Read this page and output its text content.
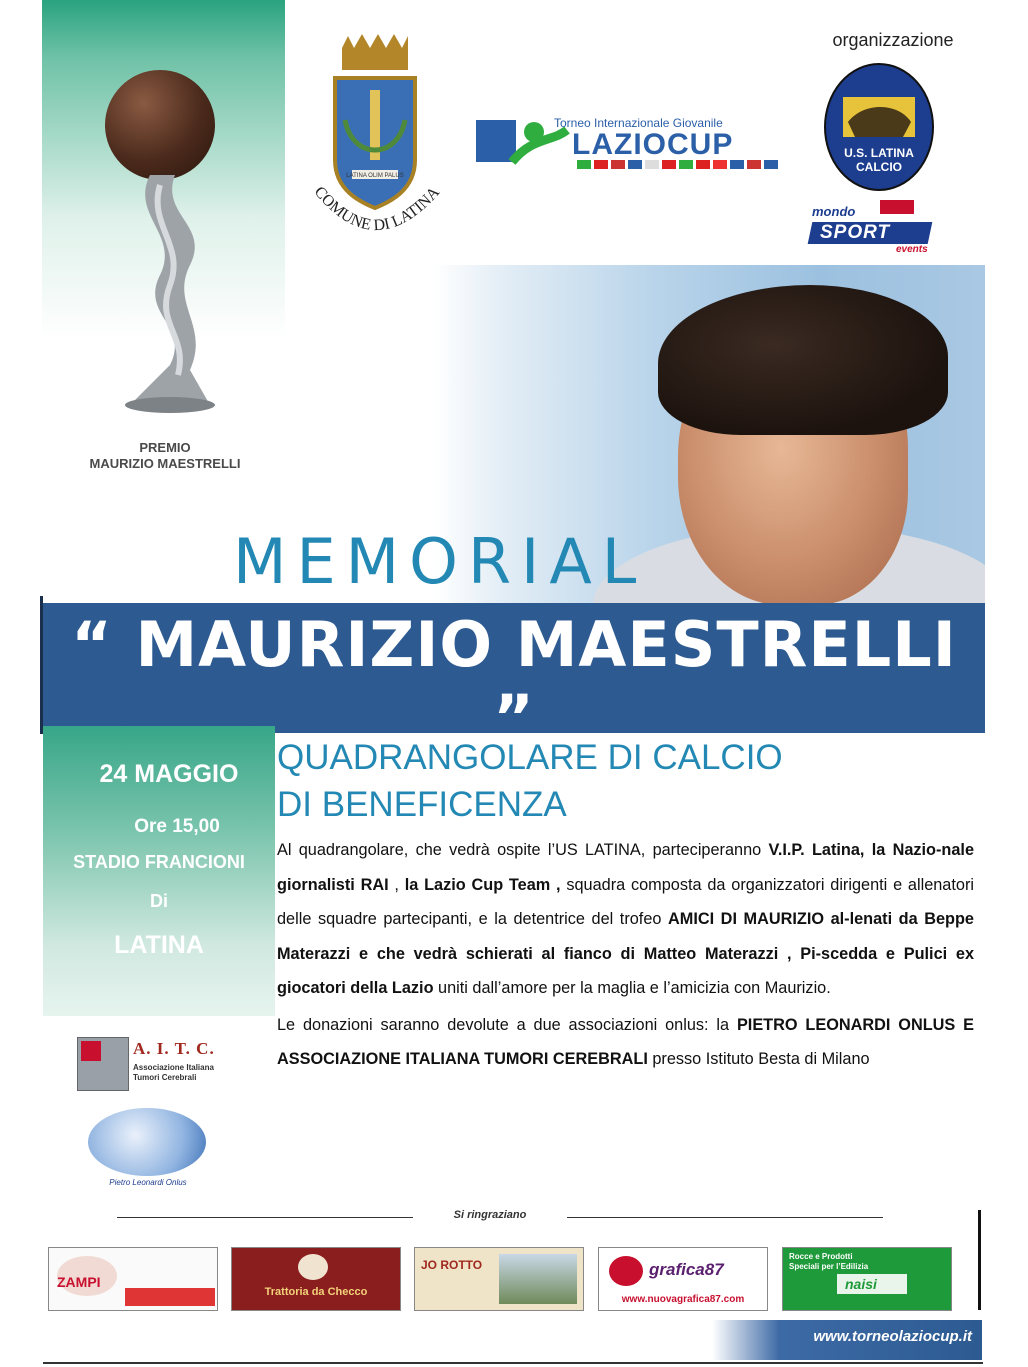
PREMIO
MAURIZIO MAESTRELLI
LATINA OLIM PALUS
COMUNE DI LATINA
Torneo Internazionale Giovanile
LAZIOCUP
organizzazione
U.S. LATINA
CALCIO
mondo
SPORT
events
MEMORIAL
“ MAURIZIO MAESTRELLI ”
24 MAGGIO
Ore 15,00
STADIO FRANCIONI
Di
LATINA
QUADRANGOLARE DI CALCIO
DI BENEFICENZA
Al quadrangolare, che vedrà ospite l’US LATINA, parteciperanno V.I.P. Latina, la Nazio-nale giornalisti RAI , la Lazio Cup Team , squadra composta da organizzatori dirigenti e allenatori delle squadre partecipanti, e la detentrice del trofeo AMICI DI MAURIZIO al-lenati da Beppe Materazzi e che vedrà schierati al fianco di Matteo Materazzi , Pi-scedda e Pulici ex giocatori della Lazio uniti dall’amore per la maglia e l’amicizia con Maurizio.
Le donazioni saranno devolute a due associazioni onlus: la PIETRO LEONARDI ONLUS E ASSOCIAZIONE ITALIANA TUMORI CEREBRALI presso Istituto Besta di Milano
A. I. T. C.
Associazione Italiana
Tumori Cerebrali
Pietro Leonardi Onlus
Si ringraziano
ZAMPI
Trattoria da Checco
JO ROTTO	grafica87
www.nuovagrafica87.com
Rocce e Prodotti Speciali per l’Edilizia
naisi
www.torneolaziocup.it
